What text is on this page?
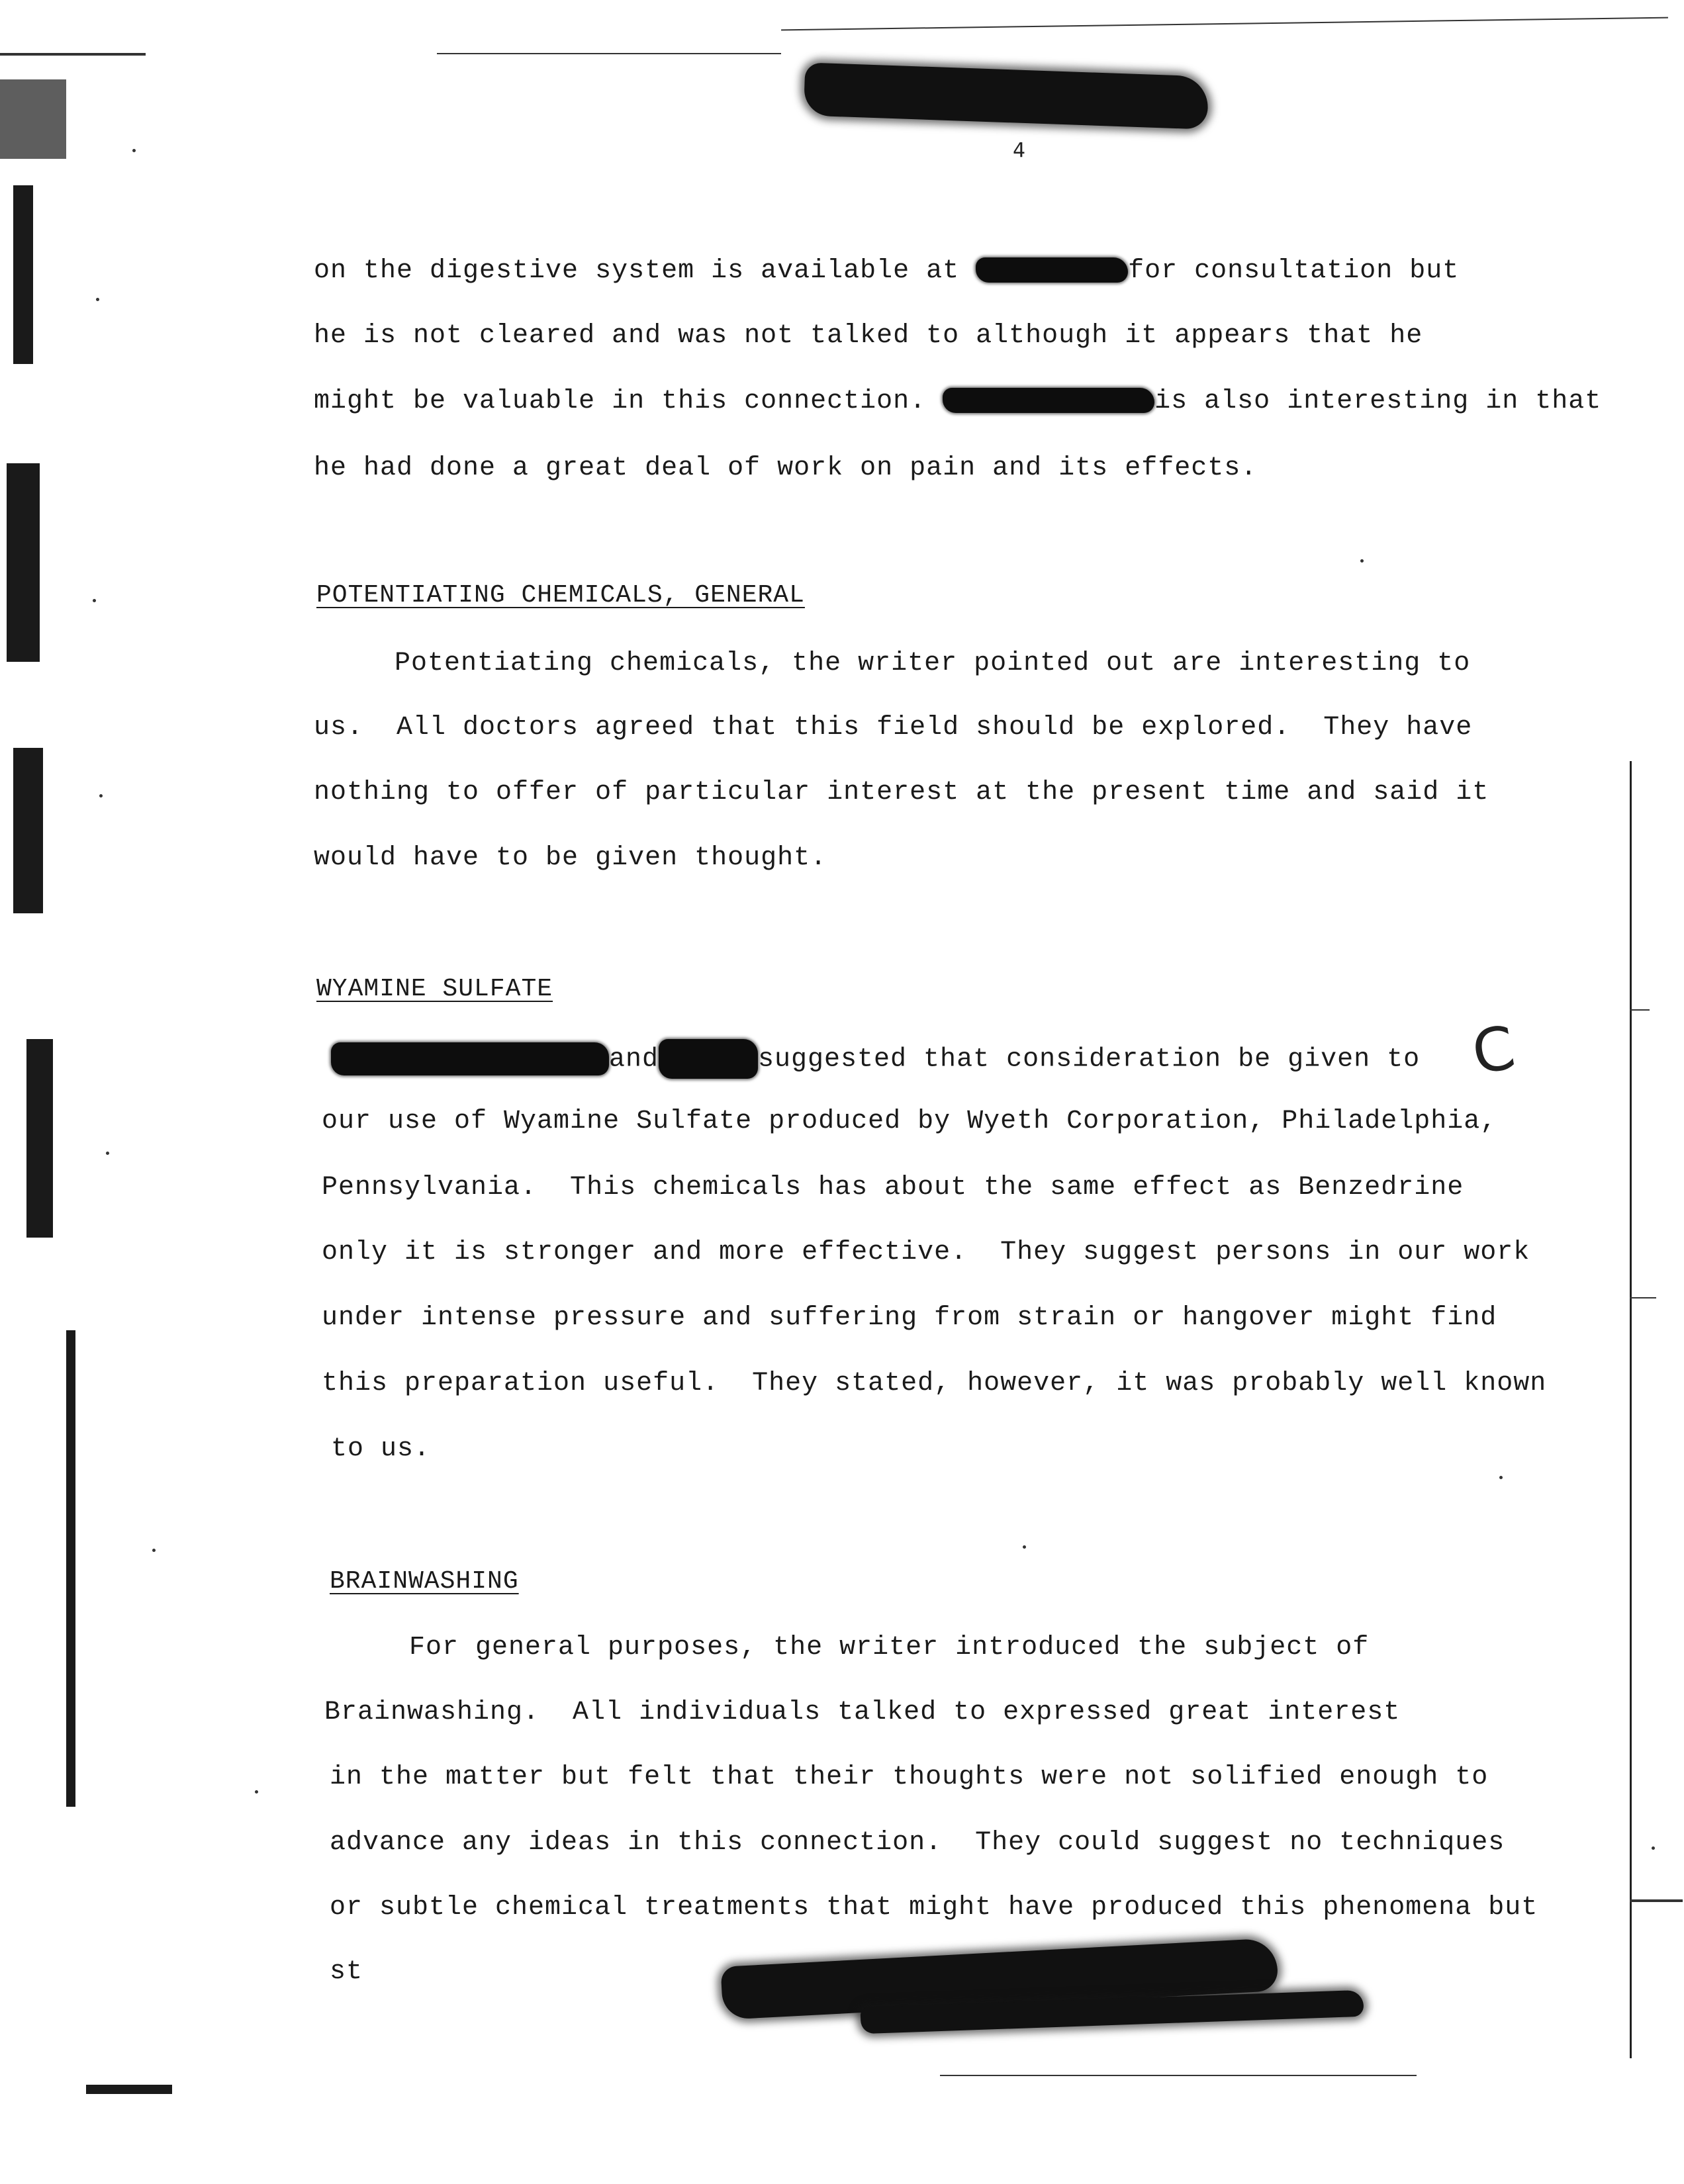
4

on the digestive system is available at	for consultation but

he is not cleared and was not talked to although it appears that he

might be valuable in this connection.	is also interesting in that

he had done a great deal of work on pain and its effects.

POTENTIATING CHEMICALS, GENERAL

Potentiating chemicals, the writer pointed out are interesting to

us.  All doctors agreed that this field should be explored.  They have

nothing to offer of particular interest at the present time and said it

would have to be given thought.

WYAMINE SULFATE

and	suggested that consideration be given to C

our use of Wyamine Sulfate produced by Wyeth Corporation, Philadelphia,

Pennsylvania.  This chemicals has about the same effect as Benzedrine

only it is stronger and more effective.  They suggest persons in our work

under intense pressure and suffering from strain or hangover might find

this preparation useful.  They stated, however, it was probably well known

to us.

BRAINWASHING

For general purposes, the writer introduced the subject of

Brainwashing.  All individuals talked to expressed great interest

in the matter but felt that their thoughts were not solified enough to

advance any ideas in this connection.  They could suggest no techniques

or subtle chemical treatments that might have produced this phenomena but

st
